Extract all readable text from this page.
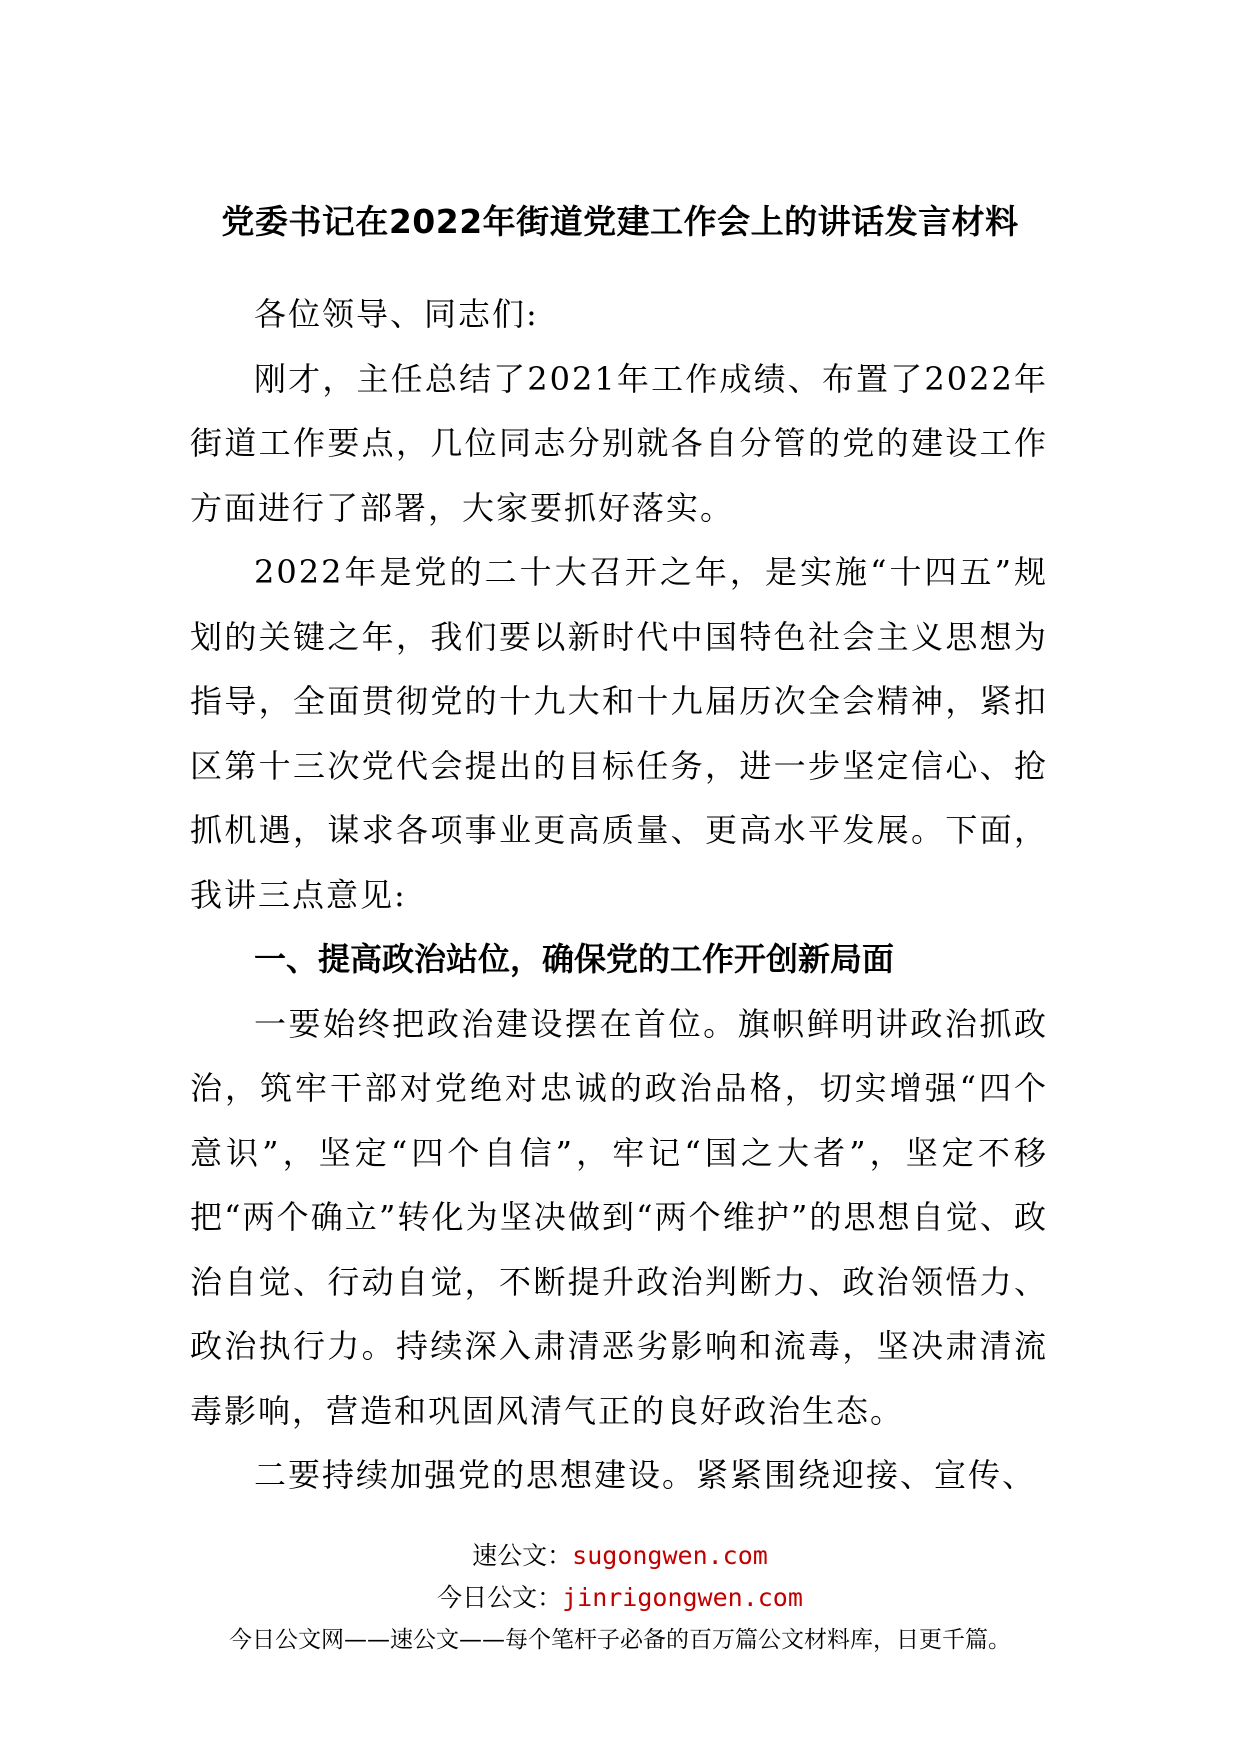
党委书记在2022年街道党建工作会上的讲话发言材料

各位领导、同志们:

刚才，主任总结了2021年工作成绩、布置了2022年街道工作要点，几位同志分别就各自分管的党的建设工作方面进行了部署，大家要抓好落实。

2022年是党的二十大召开之年，是实施“十四五”规划的关键之年，我们要以新时代中国特色社会主义思想为指导，全面贯彻党的十九大和十九届历次全会精神，紧扣区第十三次党代会提出的目标任务，进一步坚定信心、抢抓机遇，谋求各项事业更高质量、更高水平发展。下面，我讲三点意见:

一、提高政治站位，确保党的工作开创新局面

一要始终把政治建设摆在首位。旗帜鲜明讲政治抓政治，筑牢干部对党绝对忠诚的政治品格，切实增强“四个意识”，坚定“四个自信”，牢记“国之大者”，坚定不移把“两个确立”转化为坚决做到“两个维护”的思想自觉、政治自觉、行动自觉，不断提升政治判断力、政治领悟力、政治执行力。持续深入肃清恶劣影响和流毒，坚决肃清流毒影响，营造和巩固风清气正的良好政治生态。

二要持续加强党的思想建设。紧紧围绕迎接、宣传、

速公文：sugongwen.com
今日公文：jinrigongwen.com
今日公文网——速公文——每个笔杆子必备的百万篇公文材料库，日更千篇。
